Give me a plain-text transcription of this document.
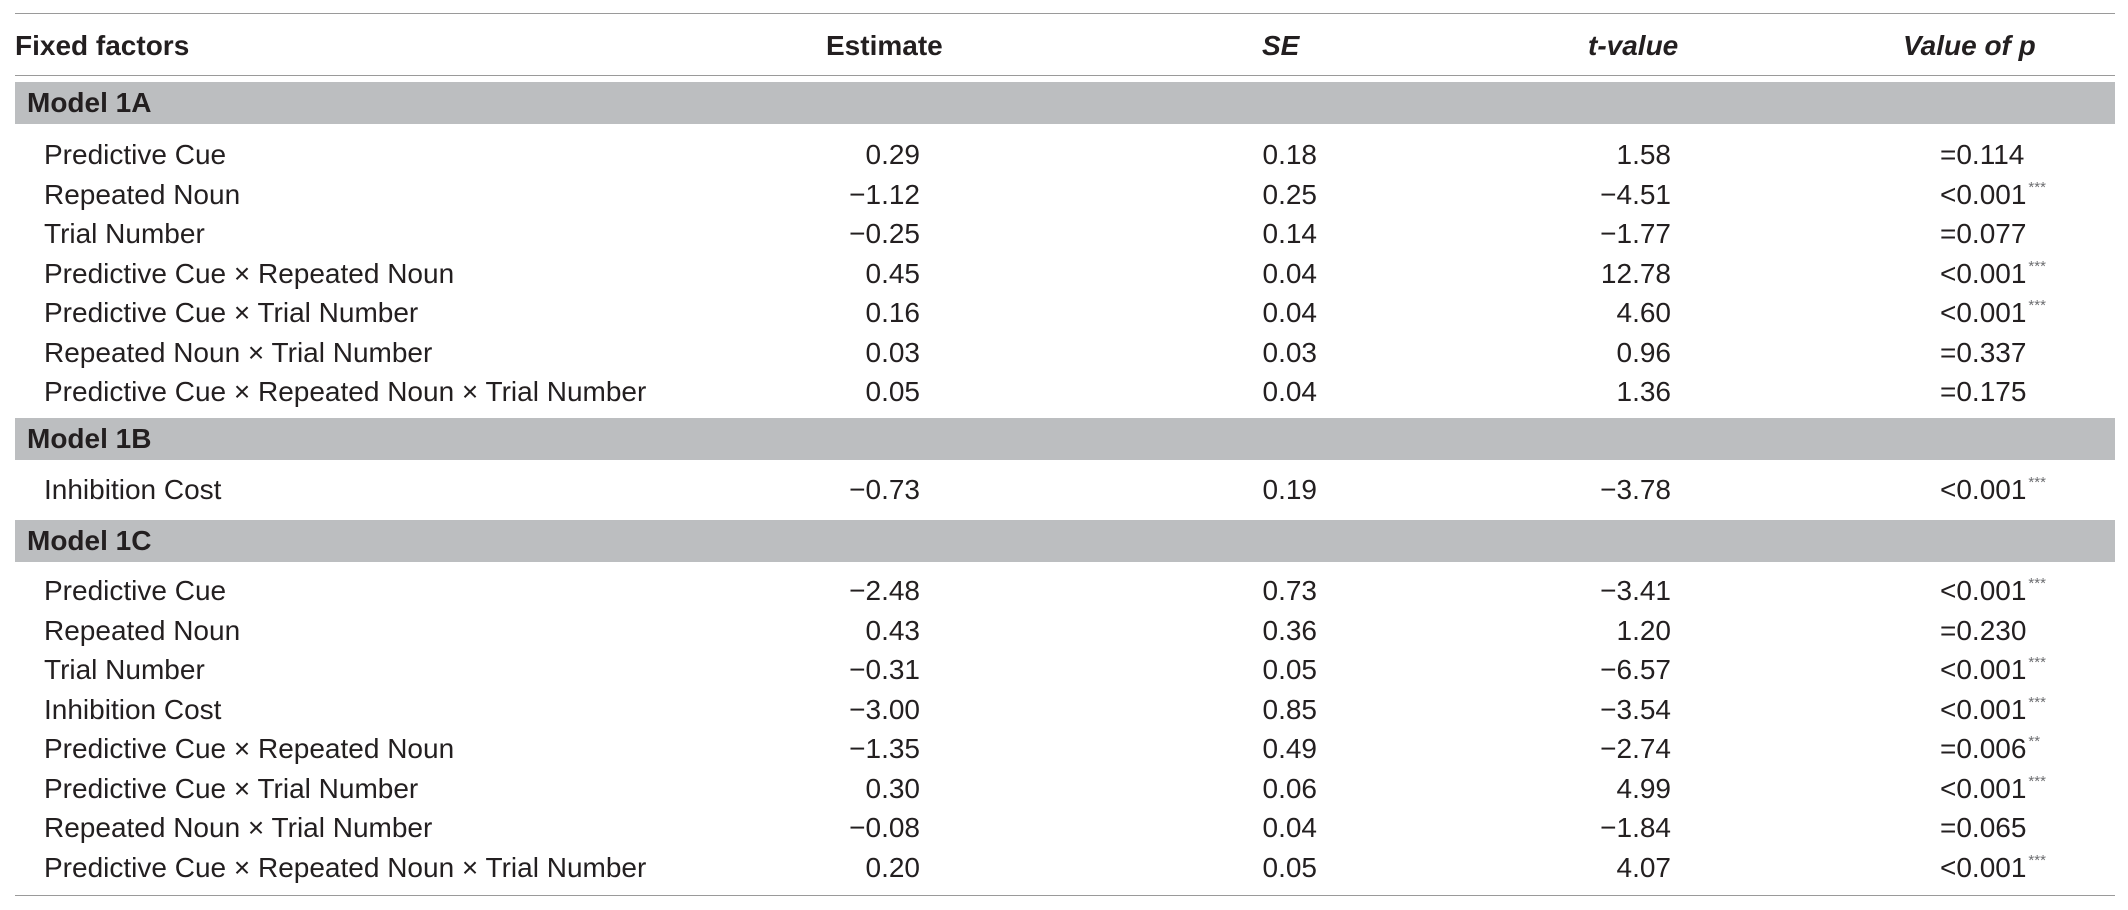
Fixed factors	Estimate	SE	t-value	Value of p
Model 1A
Predictive Cue	0.29	0.18	1.58	=0.114
Repeated Noun	−1.12	0.25	−4.51	<0.001 ***
Trial Number	−0.25	0.14	−1.77	=0.077
Predictive Cue × Repeated Noun	0.45	0.04	12.78	<0.001 ***
Predictive Cue × Trial Number	0.16	0.04	4.60	<0.001 ***
Repeated Noun × Trial Number	0.03	0.03	0.96	=0.337
Predictive Cue × Repeated Noun × Trial Number	0.05	0.04	1.36	=0.175
Model 1B
Inhibition Cost	−0.73	0.19	−3.78	<0.001 ***
Model 1C
Predictive Cue	−2.48	0.73	−3.41	<0.001 ***
Repeated Noun	0.43	0.36	1.20	=0.230
Trial Number	−0.31	0.05	−6.57	<0.001 ***
Inhibition Cost	−3.00	0.85	−3.54	<0.001 ***
Predictive Cue × Repeated Noun	−1.35	0.49	−2.74	=0.006 **
Predictive Cue × Trial Number	0.30	0.06	4.99	<0.001 ***
Repeated Noun × Trial Number	−0.08	0.04	−1.84	=0.065
Predictive Cue × Repeated Noun × Trial Number	0.20	0.05	4.07	<0.001 ***
